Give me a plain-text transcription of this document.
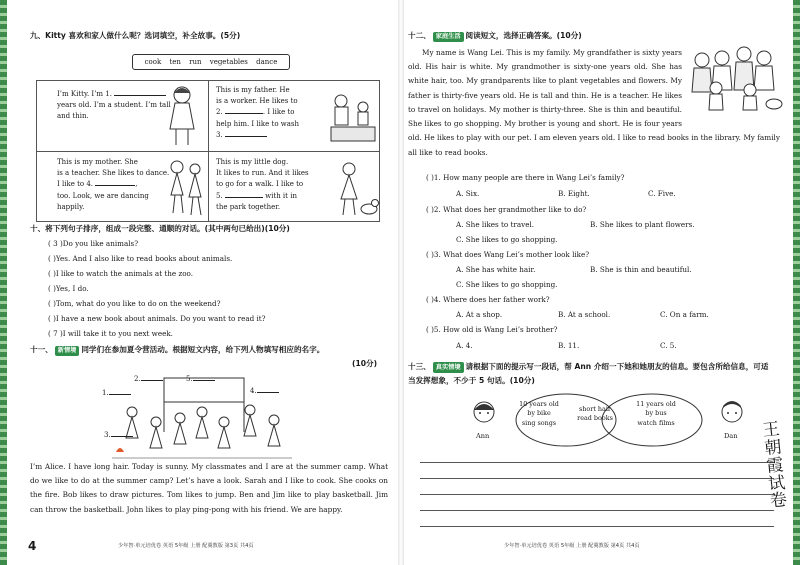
九、Kitty 喜欢和家人做什么呢？选词填空，补全故事。(5分)
cook ten run vegetables dance
I’m Kitty. I’m 1.
years old. I’m a student. I’m tall
and thin.
This is my father. He
is a worker. He likes to
2.	. I like to
help him. I like to wash
3.
This is my mother. She
is a teacher. She likes to dance.
I like to 4.	,
too. Look, we are dancing
happily.
This is my little dog.
It likes to run. And it likes
to go for a walk. I like to
5.	with it in
the park together.
十、将下列句子排序，组成一段完整、通顺的对话。(其中两句已给出)(10分)
( 3 )Do you like animals?
( )Yes. And I also like to read books about animals.
( )I like to watch the animals at the zoo.
( )Yes, I do.
( )Tom, what do you like to do on the weekend?
( )I have a new book about animals. Do you want to read it?
( 7 )I will take it to you next week.
十一、 新情境 同学们在参加夏令营活动。根据短文内容，给下列人物填写相应的名字。
(10分)
1.
2.	5.
4.
3.
I’m Alice. I have long hair. Today is sunny. My classmates and I are at the summer camp. What do we like to do at the summer camp? Let’s have a look. Sarah and I like to cook. She cooks on the fire. Bob likes to draw pictures. Tom likes to jump. Ben and Jim like to play basketball. Jim can throw the basketball. John likes to play ping-pong with his friend. We are happy.
4	少年智·单元培优卷 英语 5年级 上册 配冀教版 第3页 共4页
十二、 家庭生活 阅读短文，选择正确答案。(10分)
My name is Wang Lei. This is my family. My grandfather is sixty years old. His hair is white. My grandmother is sixty-one years old. She has white hair, too. My grandparents like to plant vegetables and flowers. My father is thirty-five years old. He is tall and thin. He is a teacher. He likes to travel on holidays. My mother is thirty-three. She is thin and beautiful. She likes to go shopping. My brother is young and short. He is four years old. He likes to play with our pet. I am eleven years old. I like to read books in the library. My family all like to read books.
( )1. How many people are there in Wang Lei’s family?
A. Six.	B. Eight.	C. Five.
( )2. What does her grandmother like to do?
A. She likes to travel.	B. She likes to plant flowers.
C. She likes to go shopping.
( )3. What does Wang Lei’s mother look like?
A. She has white hair.	B. She is thin and beautiful.
C. She likes to go shopping.
( )4. Where does her father work?
A. At a shop.	B. At a school.	C. On a farm.
( )5. How old is Wang Lei’s brother?
A. 4.	B. 11.	C. 5.
十三、 真实情境 请根据下面的提示写一段话，帮 Ann 介绍一下她和她朋友的信息。要包含所给信息，可适当发挥想象，不少于 5 句话。(10分)
Ann
10 years old
by bike
sing songs
short hair
read books
11 years old
by bus
watch films
Dan
少年智·单元培优卷 英语 5年级 上册 配冀教版 第4页 共4页
王
朝
霞
试
卷
